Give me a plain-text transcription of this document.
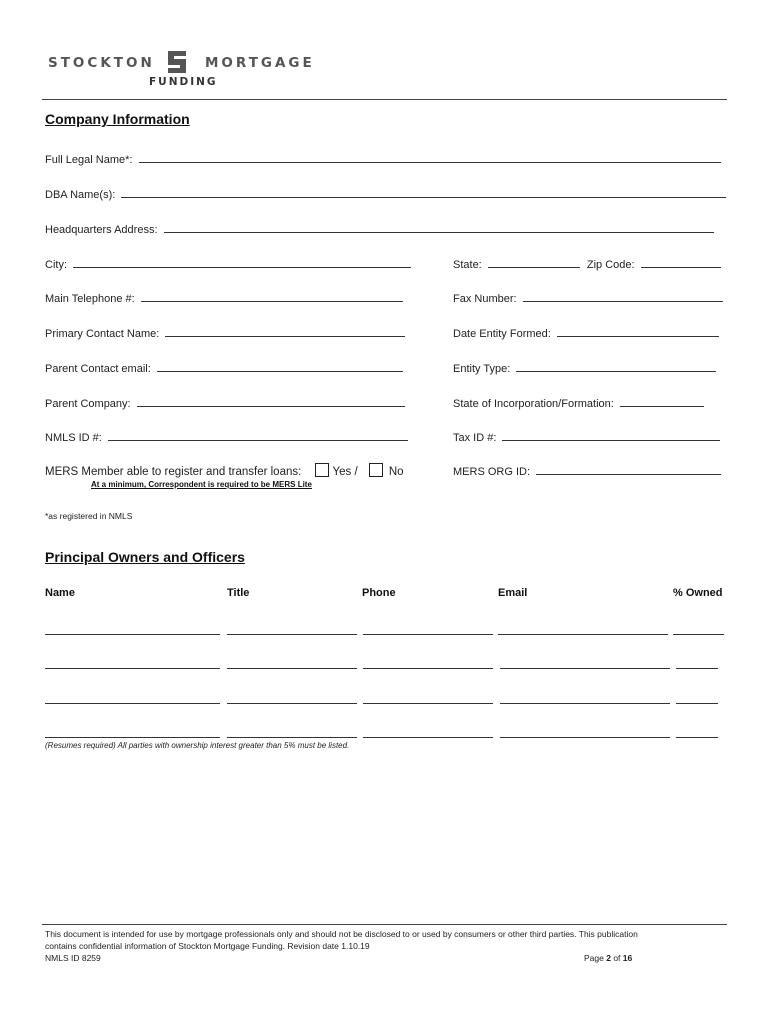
STOCKTON	MORTGAGE
FUNDING
Company Information
Full Legal Name*:
DBA Name(s):
Headquarters Address:
City:	State:	Zip Code:
Main Telephone #:	Fax Number:
Primary Contact Name:	Date Entity Formed:
Parent Contact email:	Entity Type:
Parent Company:	State of Incorporation/Formation:
NMLS ID #:	Tax ID #:
MERS Member able to register and transfer loans:	Yes /	No	MERS ORG ID:
At a minimum, Correspondent is required to be MERS Lite
*as registered in NMLS
Principal Owners and Officers
Name	Title	Phone	Email	% Owned
(Resumes required) All parties with ownership interest greater than 5% must be listed.
This document is intended for use by mortgage professionals only and should not be disclosed to or used by consumers or other third parties. This publication
contains confidential information of Stockton Mortgage Funding. Revision date 1.10.19
NMLS ID 8259	Page 2 of 16
